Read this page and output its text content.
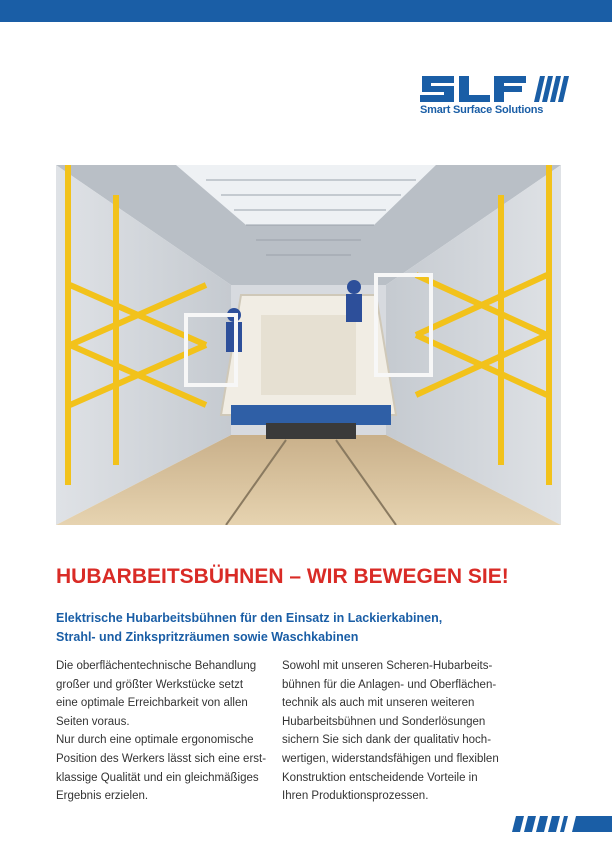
Smart Surface Solutions
HUBARBEITSBÜHNEN – WIR BEWEGEN SIE!
Elektrische Hubarbeitsbühnen für den Einsatz in Lackierkabinen,
Strahl- und Zinkspritzräumen sowie Waschkabinen
Die oberflächentechnische Behandlung
großer und größter Werkstücke setzt
eine optimale Erreichbarkeit von allen
Seiten voraus.
Nur durch eine optimale ergonomische
Position des Werkers lässt sich eine erst-
klassige Qualität und ein gleichmäßiges
Ergebnis erzielen.
Sowohl mit unseren Scheren-Hubarbeits-
bühnen für die Anlagen- und Oberflächen-
technik als auch mit unseren weiteren
Hubarbeitsbühnen und Sonderlösungen
sichern Sie sich dank der qualitativ hoch-
wertigen, widerstandsfähigen und flexiblen
Konstruktion entscheidende Vorteile in
Ihren Produktionsprozessen.
